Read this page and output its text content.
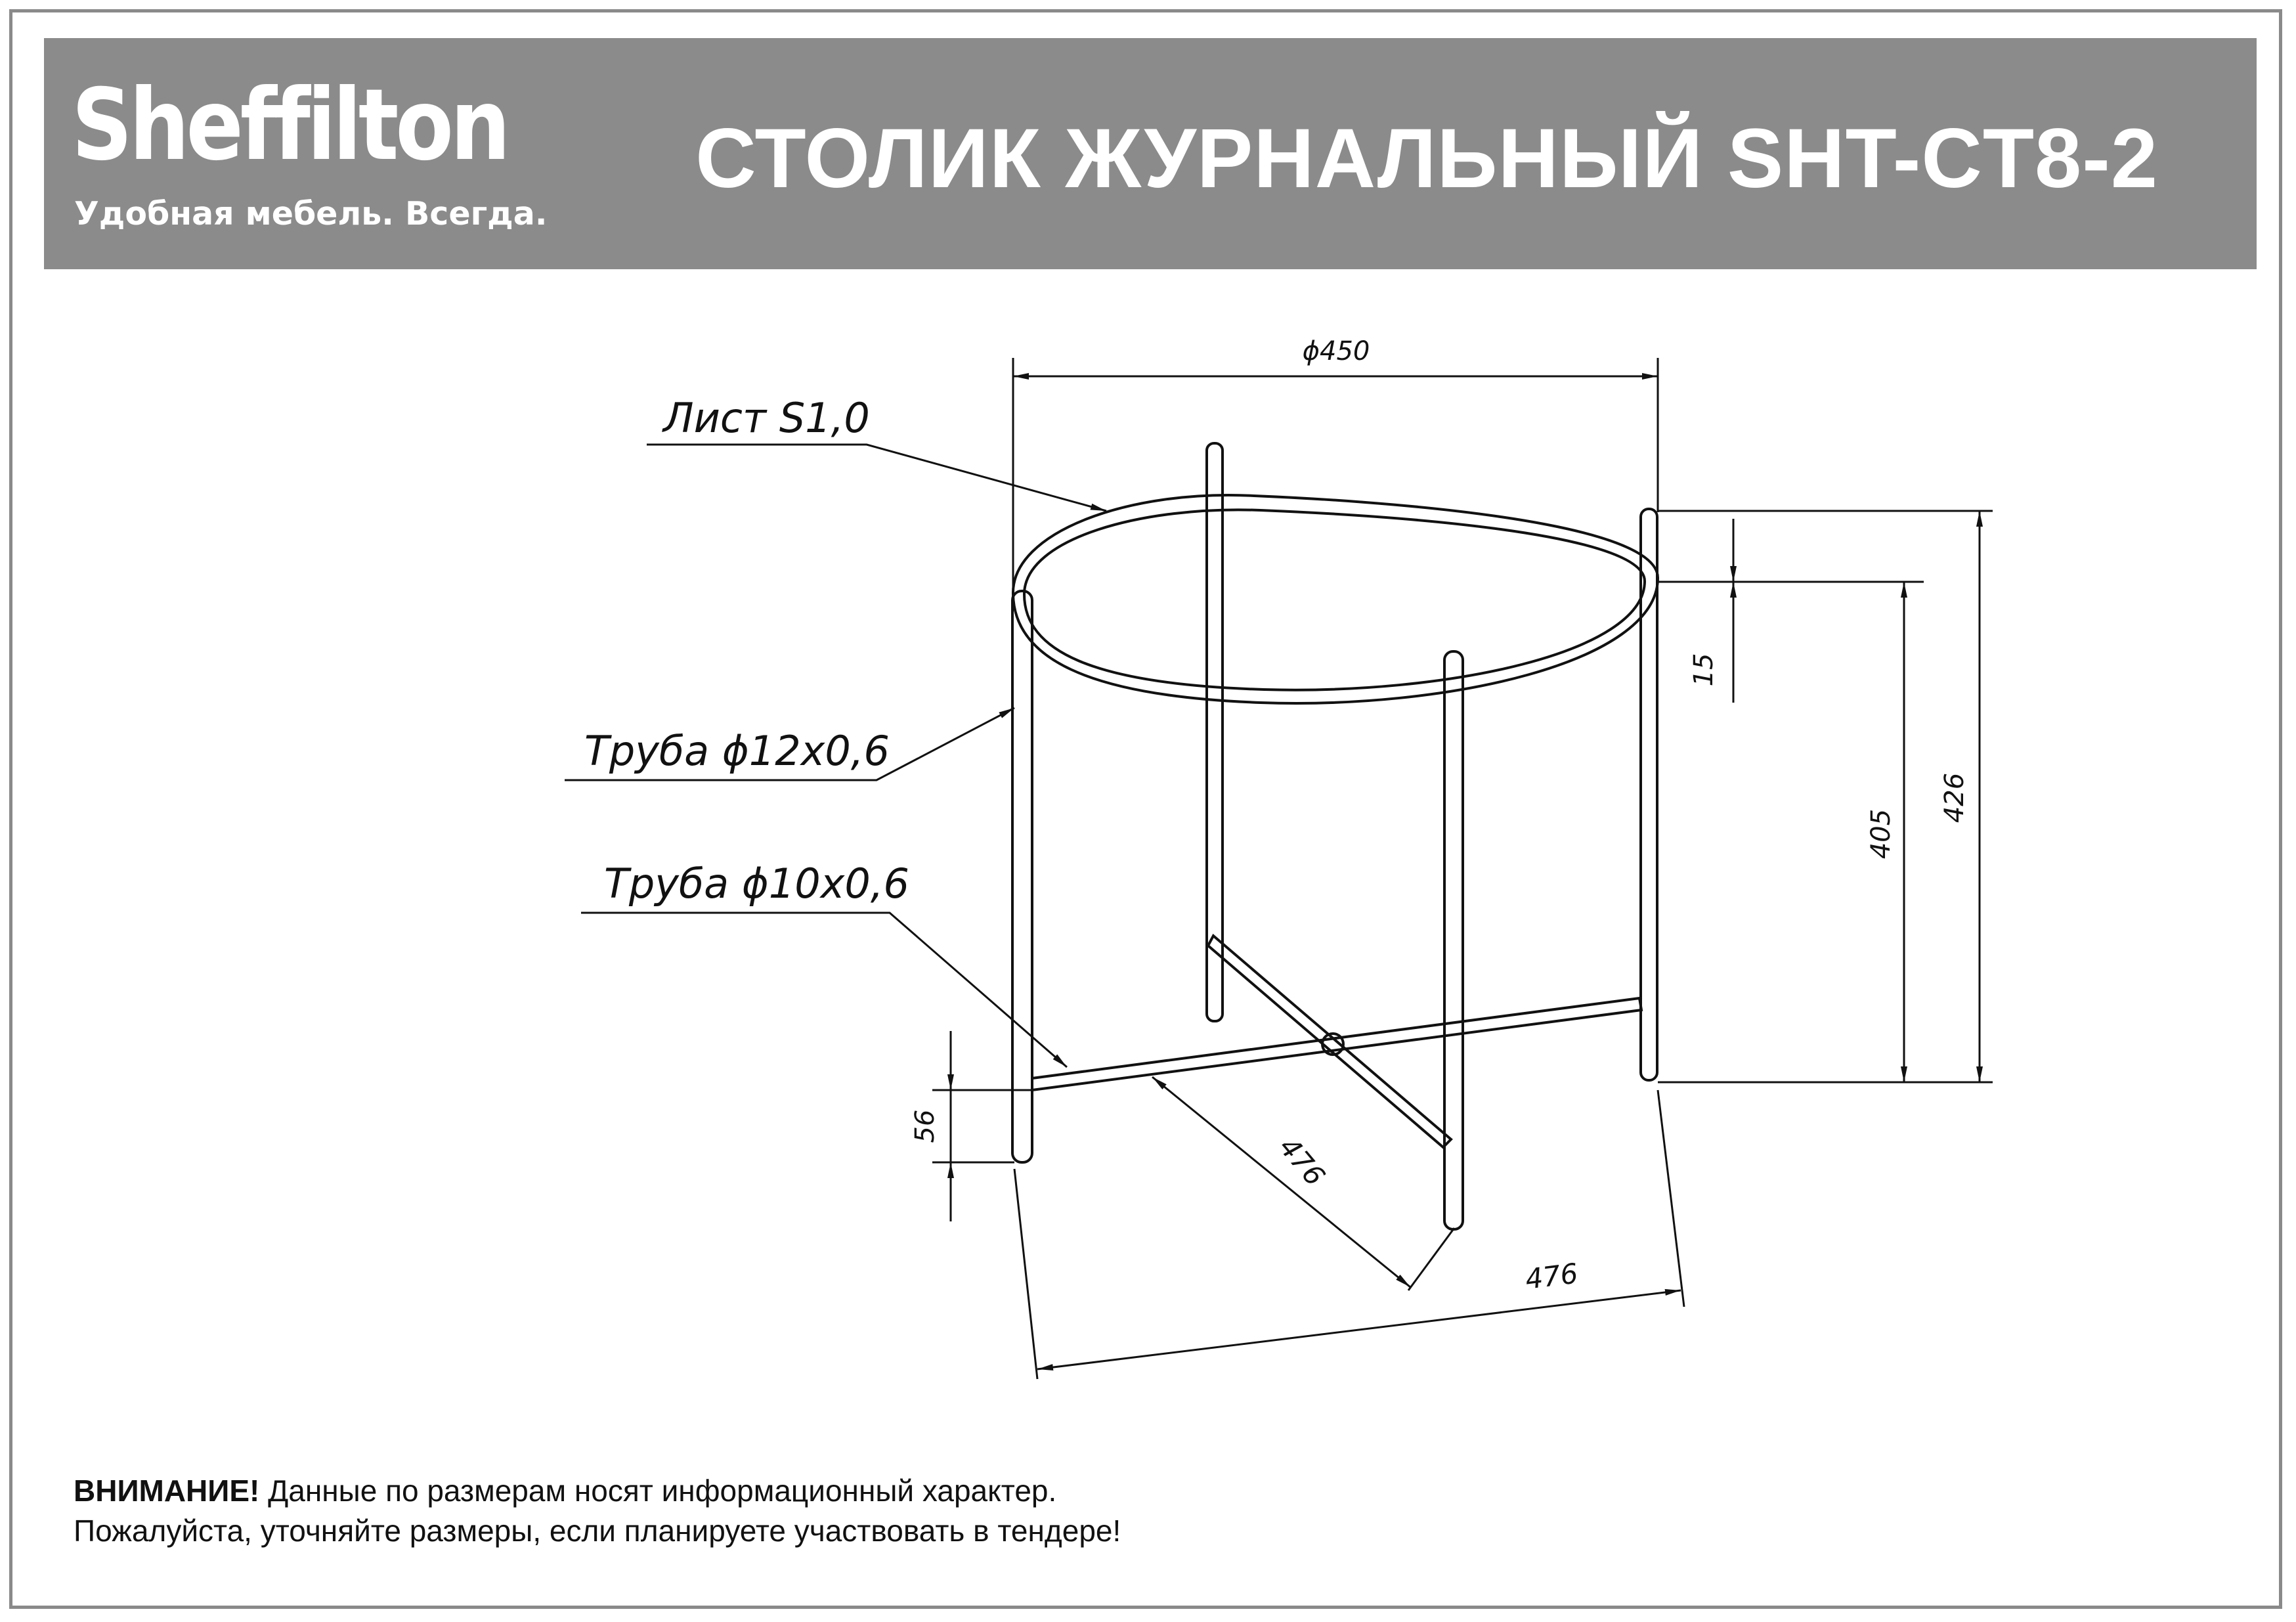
Sheffilton
Удобная мебель. Всегда.
СТОЛИК ЖУРНАЛЬНЫЙ SHT-CT8-2
ϕ450
15
405
426
56
476
476
Лист S1,0
Труба ϕ12х0,6
Труба ϕ10х0,6
ВНИМАНИЕ! Данные по размерам носят информационный характер.
Пожалуйста, уточняйте размеры, если планируете участвовать в тендере!
